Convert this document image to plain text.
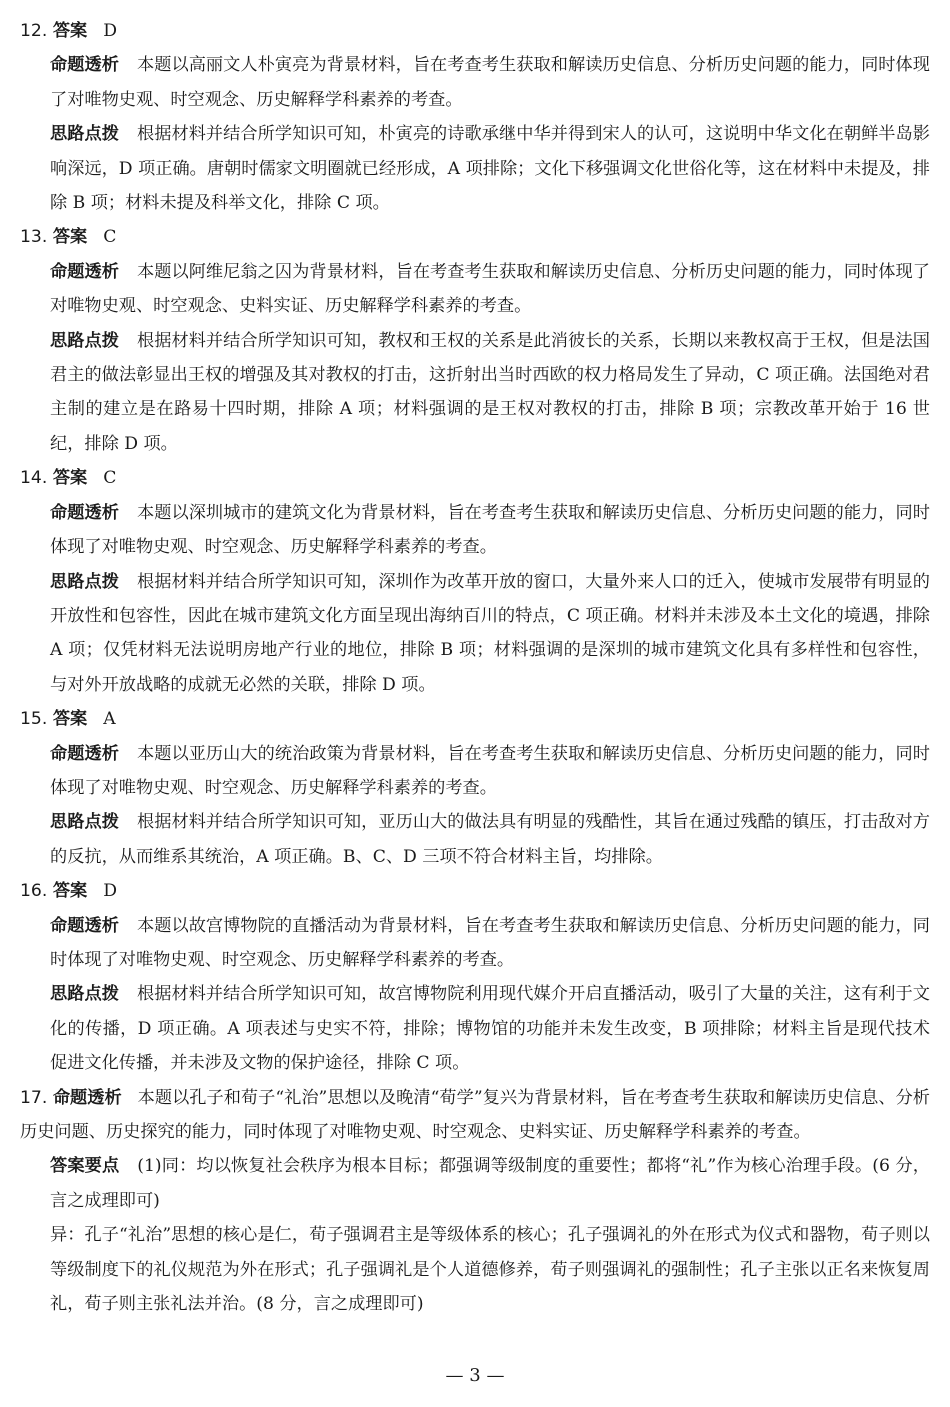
12. 答案 D
命题透析 本题以高丽文人朴寅亮为背景材料，旨在考查考生获取和解读历史信息、分析历史问题的能力，同时体现了对唯物史观、时空观念、历史解释学科素养的考查。
思路点拨 根据材料并结合所学知识可知，朴寅亮的诗歌承继中华并得到宋人的认可，这说明中华文化在朝鲜半岛影响深远，D 项正确。唐朝时儒家文明圈就已经形成，A 项排除；文化下移强调文化世俗化等，这在材料中未提及，排除 B 项；材料未提及科举文化，排除 C 项。
13. 答案 C
命题透析 本题以阿维尼翁之囚为背景材料，旨在考查考生获取和解读历史信息、分析历史问题的能力，同时体现了对唯物史观、时空观念、史料实证、历史解释学科素养的考查。
思路点拨 根据材料并结合所学知识可知，教权和王权的关系是此消彼长的关系，长期以来教权高于王权，但是法国君主的做法彰显出王权的增强及其对教权的打击，这折射出当时西欧的权力格局发生了异动，C 项正确。法国绝对君主制的建立是在路易十四时期，排除 A 项；材料强调的是王权对教权的打击，排除 B 项；宗教改革开始于 16 世纪，排除 D 项。
14. 答案 C
命题透析 本题以深圳城市的建筑文化为背景材料，旨在考查考生获取和解读历史信息、分析历史问题的能力，同时体现了对唯物史观、时空观念、历史解释学科素养的考查。
思路点拨 根据材料并结合所学知识可知，深圳作为改革开放的窗口，大量外来人口的迁入，使城市发展带有明显的开放性和包容性，因此在城市建筑文化方面呈现出海纳百川的特点，C 项正确。材料并未涉及本土文化的境遇，排除 A 项；仅凭材料无法说明房地产行业的地位，排除 B 项；材料强调的是深圳的城市建筑文化具有多样性和包容性，与对外开放战略的成就无必然的关联，排除 D 项。
15. 答案 A
命题透析 本题以亚历山大的统治政策为背景材料，旨在考查考生获取和解读历史信息、分析历史问题的能力，同时体现了对唯物史观、时空观念、历史解释学科素养的考查。
思路点拨 根据材料并结合所学知识可知，亚历山大的做法具有明显的残酷性，其旨在通过残酷的镇压，打击敌对方的反抗，从而维系其统治，A 项正确。B、C、D 三项不符合材料主旨，均排除。
16. 答案 D
命题透析 本题以故宫博物院的直播活动为背景材料，旨在考查考生获取和解读历史信息、分析历史问题的能力，同时体现了对唯物史观、时空观念、历史解释学科素养的考查。
思路点拨 根据材料并结合所学知识可知，故宫博物院利用现代媒介开启直播活动，吸引了大量的关注，这有利于文化的传播，D 项正确。A 项表述与史实不符，排除；博物馆的功能并未发生改变，B 项排除；材料主旨是现代技术促进文化传播，并未涉及文物的保护途径，排除 C 项。
17. 命题透析 本题以孔子和荀子“礼治”思想以及晚清“荀学”复兴为背景材料，旨在考查考生获取和解读历史信息、分析历史问题、历史探究的能力，同时体现了对唯物史观、时空观念、史料实证、历史解释学科素养的考查。
答案要点 (1)同：均以恢复社会秩序为根本目标；都强调等级制度的重要性；都将“礼”作为核心治理手段。(6 分，言之成理即可)
异：孔子“礼治”思想的核心是仁，荀子强调君主是等级体系的核心；孔子强调礼的外在形式为仪式和器物，荀子则以等级制度下的礼仪规范为外在形式；孔子强调礼是个人道德修养，荀子则强调礼的强制性；孔子主张以正名来恢复周礼，荀子则主张礼法并治。(8 分，言之成理即可)
— 3 —
